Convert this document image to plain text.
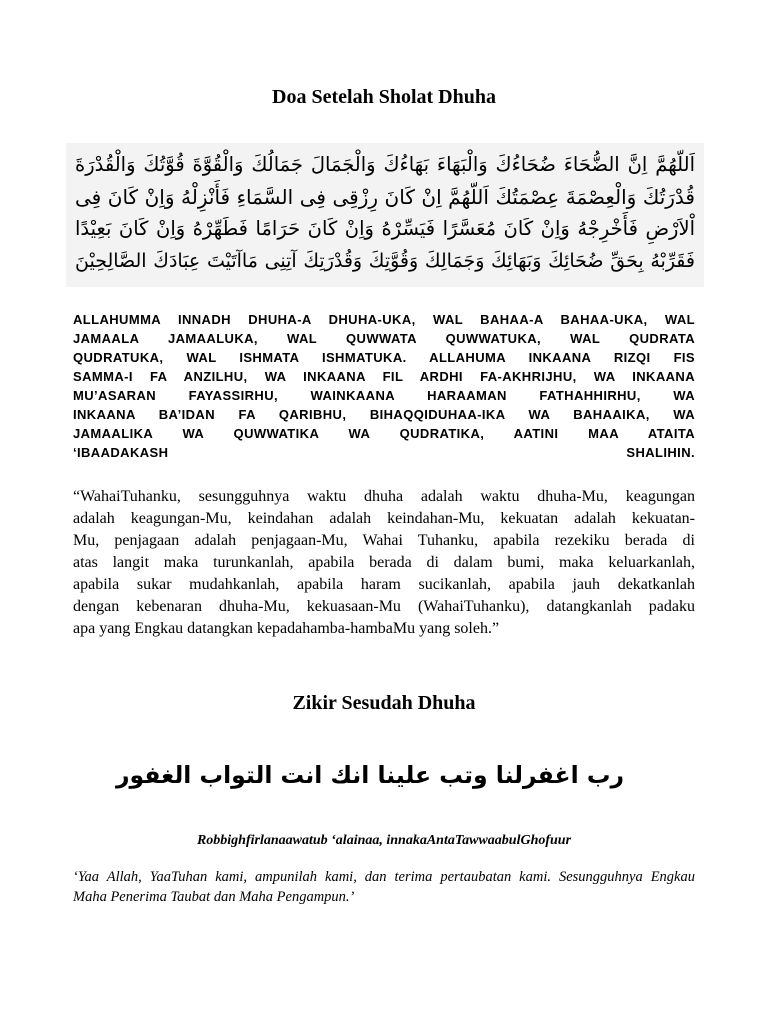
Doa Setelah Sholat Dhuha
اَللّهُمَّ اِنَّ الضُّحَاءَ ضُحَاءُكَ وَالْبَهَاءَ بَهَاءُكَ وَالْجَمَالَ جَمَالُكَ وَالْقُوَّةَ قُوَّتُكَ وَالْقُدْرَةَ
قُدْرَتُكَ وَالْعِصْمَةَ عِصْمَتُكَ اَللّهُمَّ اِنْ كَانَ رِزْقِى فِى السَّمَاءِ فَأَنْزِلْهُ وَاِنْ كَانَ فِى
اْلاَرْضِ فَأَخْرِجْهُ وَاِنْ كَانَ مُعَسَّرًا فَيَسِّرْهُ وَاِنْ كَانَ حَرَامًا فَطَهِّرْهُ وَاِنْ كَانَ بَعِيْدًا
فَقَرِّبْهُ بِحَقِّ ضُحَائِكَ وَبَهَائِكَ وَجَمَالِكَ وَقُوَّتِكَ وَقُدْرَتِكَ آتِنِى مَاآتَيْتَ عِبَادَكَ الصَّالِحِيْنَ
ALLAHUMMA INNADH DHUHA-A DHUHA-UKA, WAL BAHAA-A BAHAA-UKA, WAL
JAMAALA JAMAALUKA, WAL QUWWATA QUWWATUKA, WAL QUDRATA
QUDRATUKA, WAL ISHMATA ISHMATUKA. ALLAHUMA INKAANA RIZQI FIS
SAMMA-I FA ANZILHU, WA INKAANA FIL ARDHI FA-AKHRIJHU, WA INKAANA
MU’ASARAN FAYASSIRHU, WAINKAANA HARAAMAN FATHAHHIRHU, WA
INKAANA BA’IDAN FA QARIBHU, BIHAQQIDUHAA-IKA WA BAHAAIKA, WA
JAMAALIKA WA QUWWATIKA WA QUDRATIKA, AATINI MAA ATAITA
‘IBAADAKASH SHALIHIN.
“WahaiTuhanku, sesungguhnya waktu dhuha adalah waktu dhuha-Mu, keagungan
adalah keagungan-Mu, keindahan adalah keindahan-Mu, kekuatan adalah kekuatan-
Mu, penjagaan adalah penjagaan-Mu, Wahai Tuhanku, apabila rezekiku berada di
atas langit maka turunkanlah, apabila berada di dalam bumi, maka keluarkanlah,
apabila sukar mudahkanlah, apabila haram sucikanlah, apabila jauh dekatkanlah
dengan kebenaran dhuha-Mu, kekuasaan-Mu (WahaiTuhanku), datangkanlah padaku
apa yang Engkau datangkan kepadahamba-hambaMu yang soleh.”
Zikir Sesudah Dhuha
رب اغفرلنا وتب علينا انك انت التواب الغفور
Robbighfirlanaawatub ‘alainaa, innakaAntaTawwaabulGhofuur
‘Yaa Allah, YaaTuhan kami, ampunilah kami, dan terima pertaubatan kami. Sesungguhnya Engkau
Maha Penerima Taubat dan Maha Pengampun.’
